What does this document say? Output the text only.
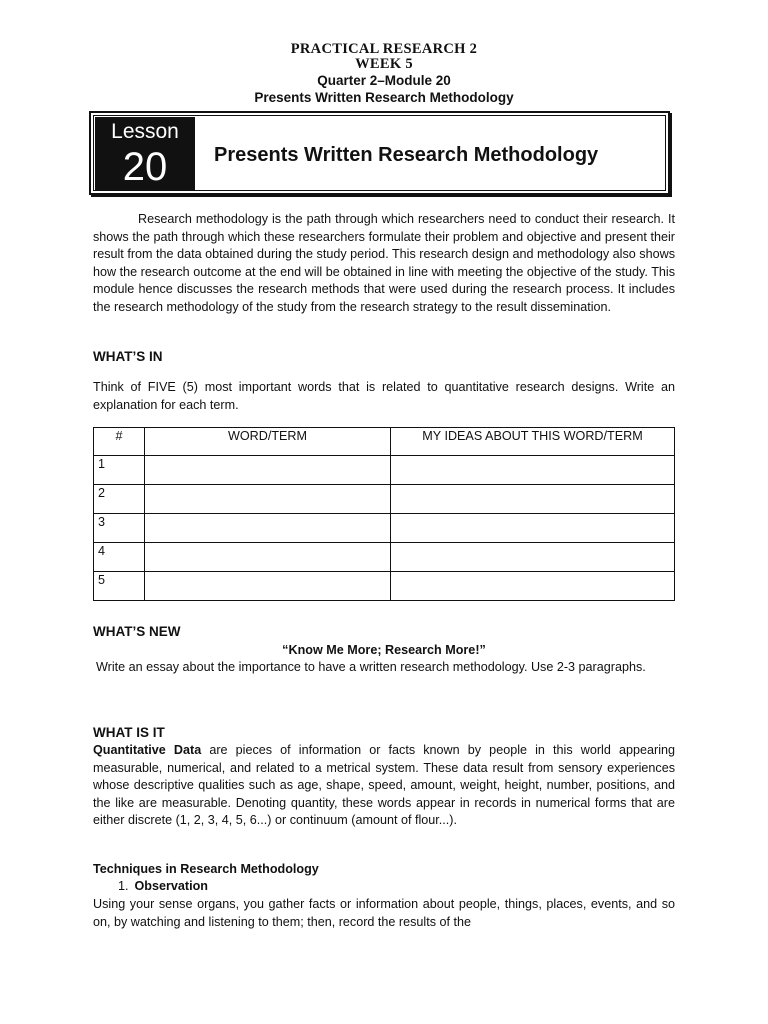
PRACTICAL RESEARCH 2
WEEK 5
Quarter 2–Module 20
Presents Written Research Methodology
Lesson
20	Presents Written Research Methodology
Research methodology is the path through which researchers need to conduct their research. It shows the path through which these researchers formulate their problem and objective and present their result from the data obtained during the study period. This research design and methodology also shows how the research outcome at the end will be obtained in line with meeting the objective of the study. This module hence discusses the research methods that were used during the research process. It includes the research methodology of the study from the research strategy to the result dissemination.
WHAT’S IN
Think of FIVE (5) most important words that is related to quantitative research designs. Write an explanation for each term.
#	WORD/TERM	MY IDEAS ABOUT THIS WORD/TERM
1		
2		
3		
4		
5		
WHAT’S NEW
“Know Me More; Research More!”
Write an essay about the importance to have a written research methodology. Use 2-3 paragraphs.
WHAT IS IT
Quantitative Data are pieces of information or facts known by people in this world appearing measurable, numerical, and related to a metrical system. These data result from sensory experiences whose descriptive qualities such as age, shape, speed, amount, weight, height, number, positions, and the like are measurable. Denoting quantity, these words appear in records in numerical forms that are either discrete (1, 2, 3, 4, 5, 6...) or continuum (amount of flour...).
Techniques in Research Methodology
1. Observation
Using your sense organs, you gather facts or information about people, things, places, events, and so on, by watching and listening to them; then, record the results of the
